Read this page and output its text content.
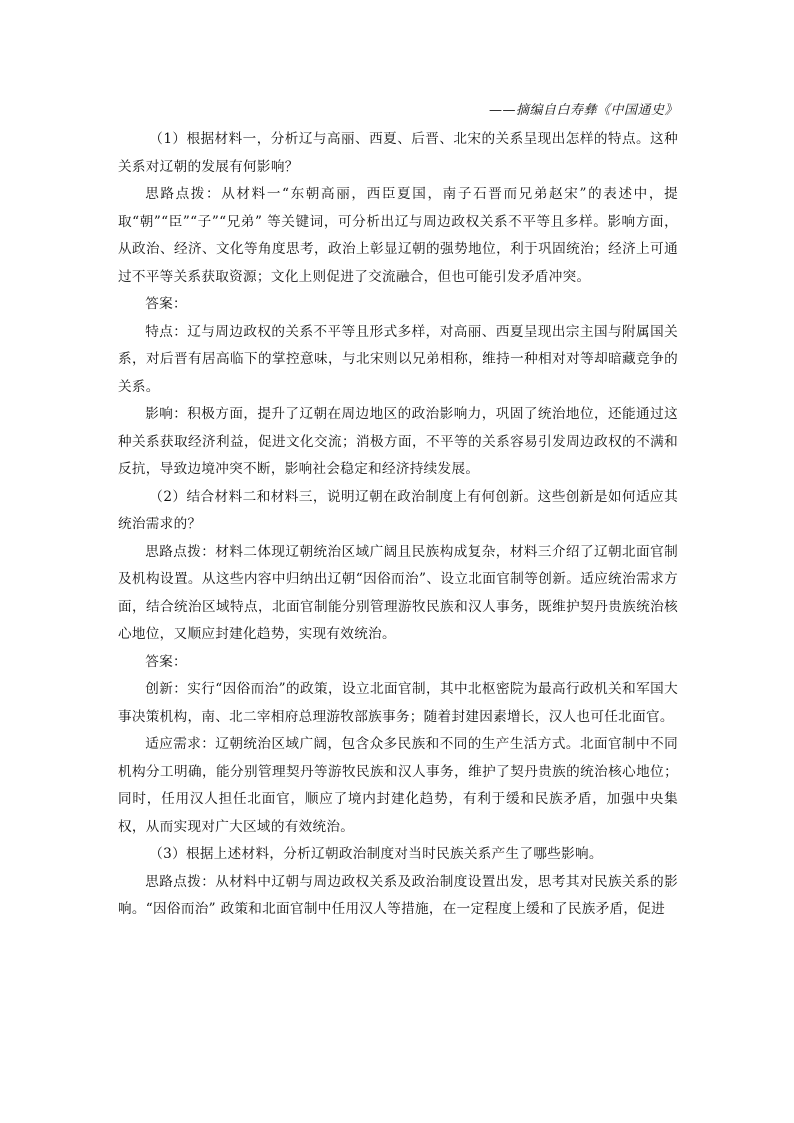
——摘编自白寿彝《中国通史》

（1）根据材料一，分析辽与高丽、西夏、后晋、北宋的关系呈现出怎样的特点。这种关系对辽朝的发展有何影响？

思路点拨：从材料一“东朝高丽，西臣夏国，南子石晋而兄弟赵宋”的表述中，提取“朝”“臣”“子”“兄弟” 等关键词，可分析出辽与周边政权关系不平等且多样。影响方面，从政治、经济、文化等角度思考，政治上彰显辽朝的强势地位，利于巩固统治；经济上可通过不平等关系获取资源；文化上则促进了交流融合，但也可能引发矛盾冲突。

答案：

特点：辽与周边政权的关系不平等且形式多样，对高丽、西夏呈现出宗主国与附属国关系，对后晋有居高临下的掌控意味，与北宋则以兄弟相称，维持一种相对对等却暗藏竞争的关系。

影响：积极方面，提升了辽朝在周边地区的政治影响力，巩固了统治地位，还能通过这种关系获取经济利益，促进文化交流；消极方面，不平等的关系容易引发周边政权的不满和反抗，导致边境冲突不断，影响社会稳定和经济持续发展。

（2）结合材料二和材料三，说明辽朝在政治制度上有何创新。这些创新是如何适应其统治需求的？

思路点拨：材料二体现辽朝统治区域广阔且民族构成复杂，材料三介绍了辽朝北面官制及机构设置。从这些内容中归纳出辽朝“因俗而治”、设立北面官制等创新。适应统治需求方面，结合统治区域特点，北面官制能分别管理游牧民族和汉人事务，既维护契丹贵族统治核心地位，又顺应封建化趋势，实现有效统治。

答案：

创新：实行“因俗而治”的政策，设立北面官制，其中北枢密院为最高行政机关和军国大事决策机构，南、北二宰相府总理游牧部族事务；随着封建因素增长，汉人也可任北面官。

适应需求：辽朝统治区域广阔，包含众多民族和不同的生产生活方式。北面官制中不同机构分工明确，能分别管理契丹等游牧民族和汉人事务，维护了契丹贵族的统治核心地位；同时，任用汉人担任北面官，顺应了境内封建化趋势，有利于缓和民族矛盾，加强中央集权，从而实现对广大区域的有效统治。

（3）根据上述材料，分析辽朝政治制度对当时民族关系产生了哪些影响。

思路点拨：从材料中辽朝与周边政权关系及政治制度设置出发，思考其对民族关系的影响。“因俗而治” 政策和北面官制中任用汉人等措施，在一定程度上缓和了民族矛盾，促进
